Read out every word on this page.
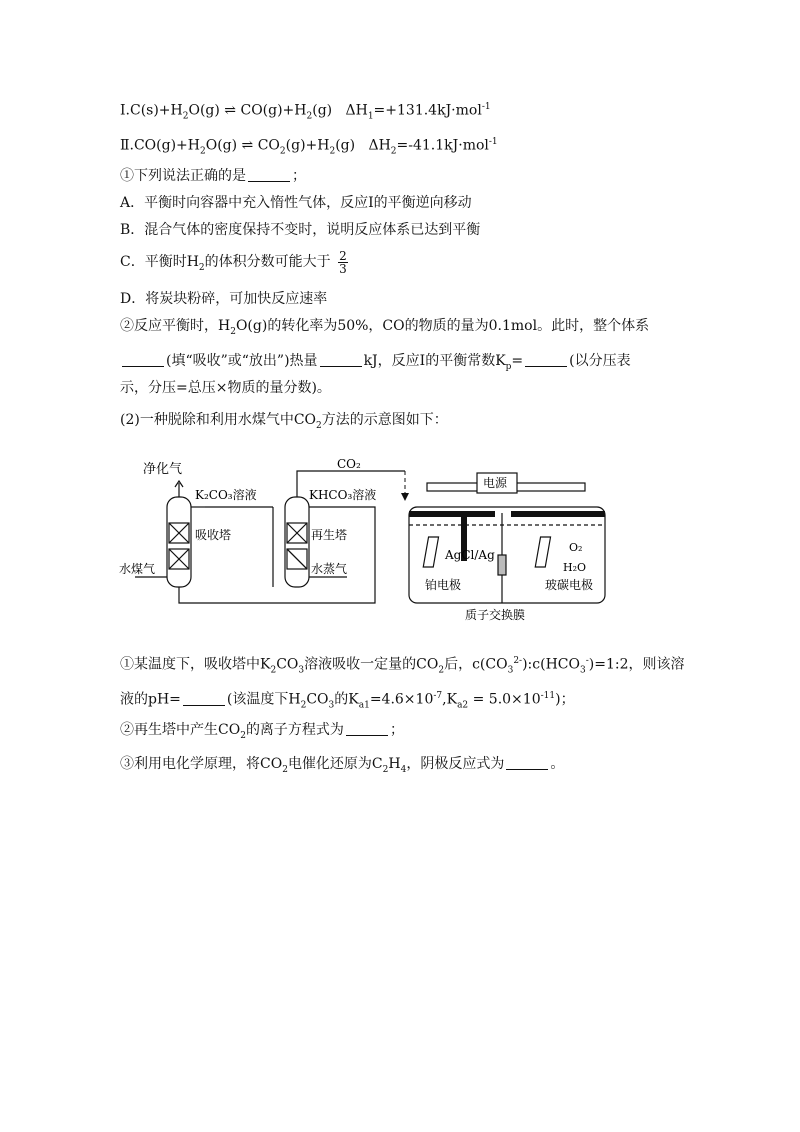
$Ⅰ.C(s)+H_2O(g)$ ⇌ $CO(g)+H_2(g)$ $\Delta H_1=+131.4kJ\cdot mol^{-1}$
$Ⅱ.CO(g)+H_2O(g)$ ⇌ $CO_2(g)+H_2(g)$ $\Delta H_2=-41.1kJ\cdot mol^{-1}$
①下列说法正确的是	；
A．平衡时向容器中充入惰性气体，反应Ⅰ的平衡逆向移动
B．混合气体的密度保持不变时，说明反应体系已达到平衡
C．平衡时$H_2$的体积分数可能大于 $\frac{2}{3}$
D．将炭块粉碎，可加快反应速率
②反应平衡时，$H_2O(g)$的转化率为50%，CO的物质的量为0.1mol。此时，整个体系
(填“吸收”或“放出”)热量	kJ，反应Ⅰ的平衡常数$K_p=$	(以分压表
示，分压=总压×物质的量分数)。
(2)一种脱除和利用水煤气中$CO_2$方法的示意图如下：
净化气
K₂CO₃溶液
吸收塔
水煤气
CO₂
KHCO₃溶液
再生塔
水蒸气
电源
AgCl/Ag
O₂
H₂O
铂电极	玻碳电极
质子交换膜
①某温度下，吸收塔中$K_2CO_3$溶液吸收一定量的$CO_2$后，$c(CO_3^{2-}):c(HCO_3^-)=1:2$，则该溶
液的pH=	(该温度下$H_2CO_3$的$K_{a1}=4.6\times 10^{-7},K_{a2} = 5.0\times 10^{-11}$)；
②再生塔中产生$CO_2$的离子方程式为	；
③利用电化学原理，将$CO_2$电催化还原为$C_2H_4$，阴极反应式为	。
